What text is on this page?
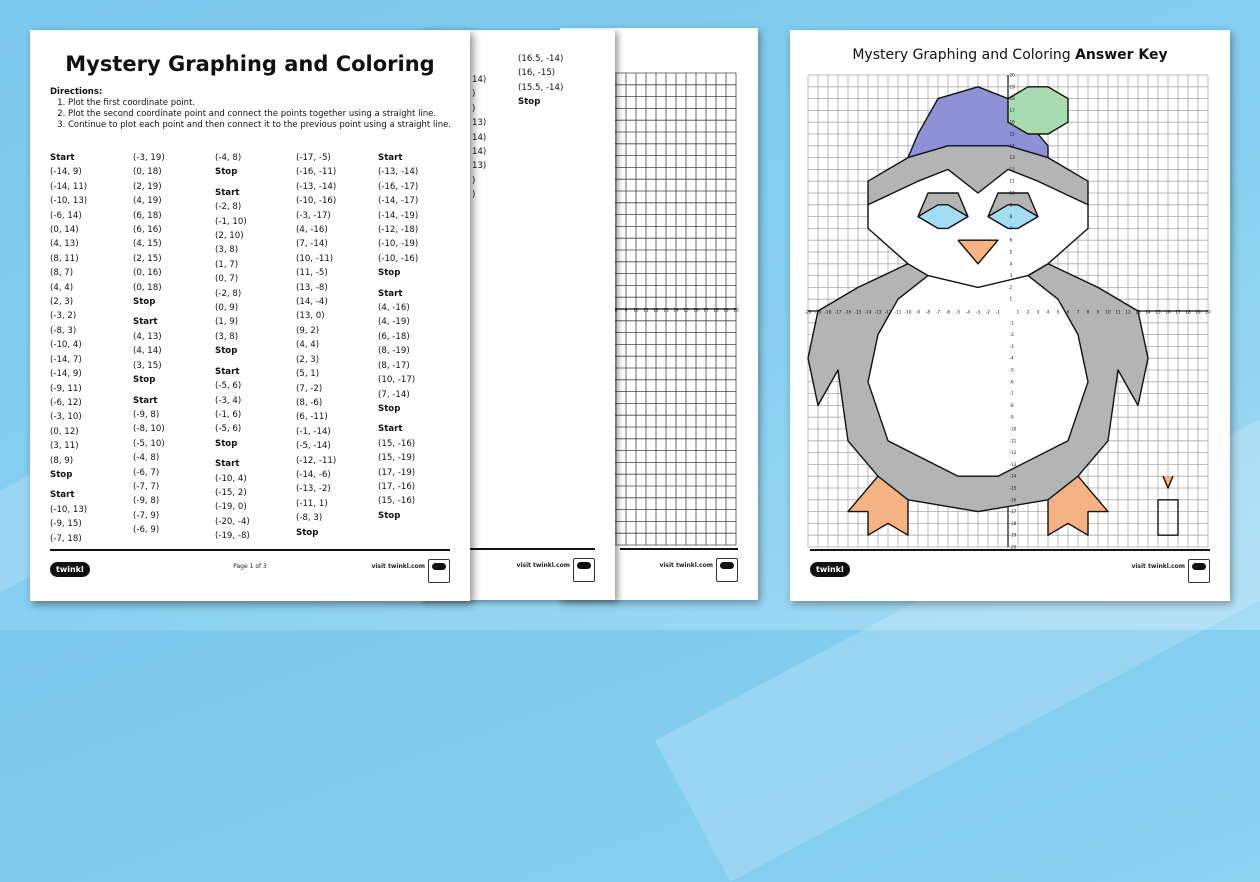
8 9 10 11 12 13 14 15 16 17 18 19 20
visit twinkl.com
14)
)
)
13)
14)
14)
13)
)
)
(16.5, -14)
(16, -15)
(15.5, -14)
Stop
visit twinkl.com
Mystery Graphing and Coloring
Directions:
1. Plot the first coordinate point.
2. Plot the second coordinate point and connect the points together using a straight line.
3. Continue to plot each point and then connect it to the previous point using a straight line.
Start
(-14, 9)
(-14, 11)
(-10, 13)
(-6, 14)
(0, 14)
(4, 13)
(8, 11)
(8, 7)
(4, 4)
(2, 3)
(-3, 2)
(-8, 3)
(-10, 4)
(-14, 7)
(-14, 9)
(-9, 11)
(-6, 12)
(-3, 10)
(0, 12)
(3, 11)
(8, 9)
Stop
Start
(-10, 13)
(-9, 15)
(-7, 18)
(-3, 19)
(0, 18)
(2, 19)
(4, 19)
(6, 18)
(6, 16)
(4, 15)
(2, 15)
(0, 16)
(0, 18)
Stop
Start
(4, 13)
(4, 14)
(3, 15)
Stop
Start
(-9, 8)
(-8, 10)
(-5, 10)
(-4, 8)
(-6, 7)
(-7, 7)
(-9, 8)
(-7, 9)
(-6, 9)
(-4, 8)
Stop
Start
(-2, 8)
(-1, 10)
(2, 10)
(3, 8)
(1, 7)
(0, 7)
(-2, 8)
(0, 9)
(1, 9)
(3, 8)
Stop
Start
(-5, 6)
(-3, 4)
(-1, 6)
(-5, 6)
Stop
Start
(-10, 4)
(-15, 2)
(-19, 0)
(-20, -4)
(-19, -8)
(-17, -5)
(-16, -11)
(-13, -14)
(-10, -16)
(-3, -17)
(4, -16)
(7, -14)
(10, -11)
(11, -5)
(13, -8)
(14, -4)
(13, 0)
(9, 2)
(4, 4)
(2, 3)
(5, 1)
(7, -2)
(8, -6)
(6, -11)
(-1, -14)
(-5, -14)
(-12, -11)
(-14, -6)
(-13, -2)
(-11, 1)
(-8, 3)
Stop
Start
(-13, -14)
(-16, -17)
(-14, -17)
(-14, -19)
(-12, -18)
(-10, -19)
(-10, -16)
Stop
Start
(4, -16)
(4, -19)
(6, -18)
(8, -19)
(8, -17)
(10, -17)
(7, -14)
Stop
Start
(15, -16)
(15, -19)
(17, -19)
(17, -16)
(15, -16)
Stop
twinkl	Page 1 of 3	visit twinkl.com
Mystery Graphing and Coloring Answer Key
-20
-20
-19
-19
-18
-18
-17
-17
-16
-16
-15
-15
-14
-14
-13
-13
-12
-12
-11
-11
-10
-10
-9
-9
-8
-8
-7
-7
-6
-6
-5
-5
-4
-4
-3
-3
-2
-2
-1
-1
1
1
2
2
3
3
4
4
5
5
6
6
7
7
8
8
9
9
10
10
11
11
12
12
13
13
14
14
15
15
16
16
17
17
18
18
19
19
20
20
twinkl	visit twinkl.com
